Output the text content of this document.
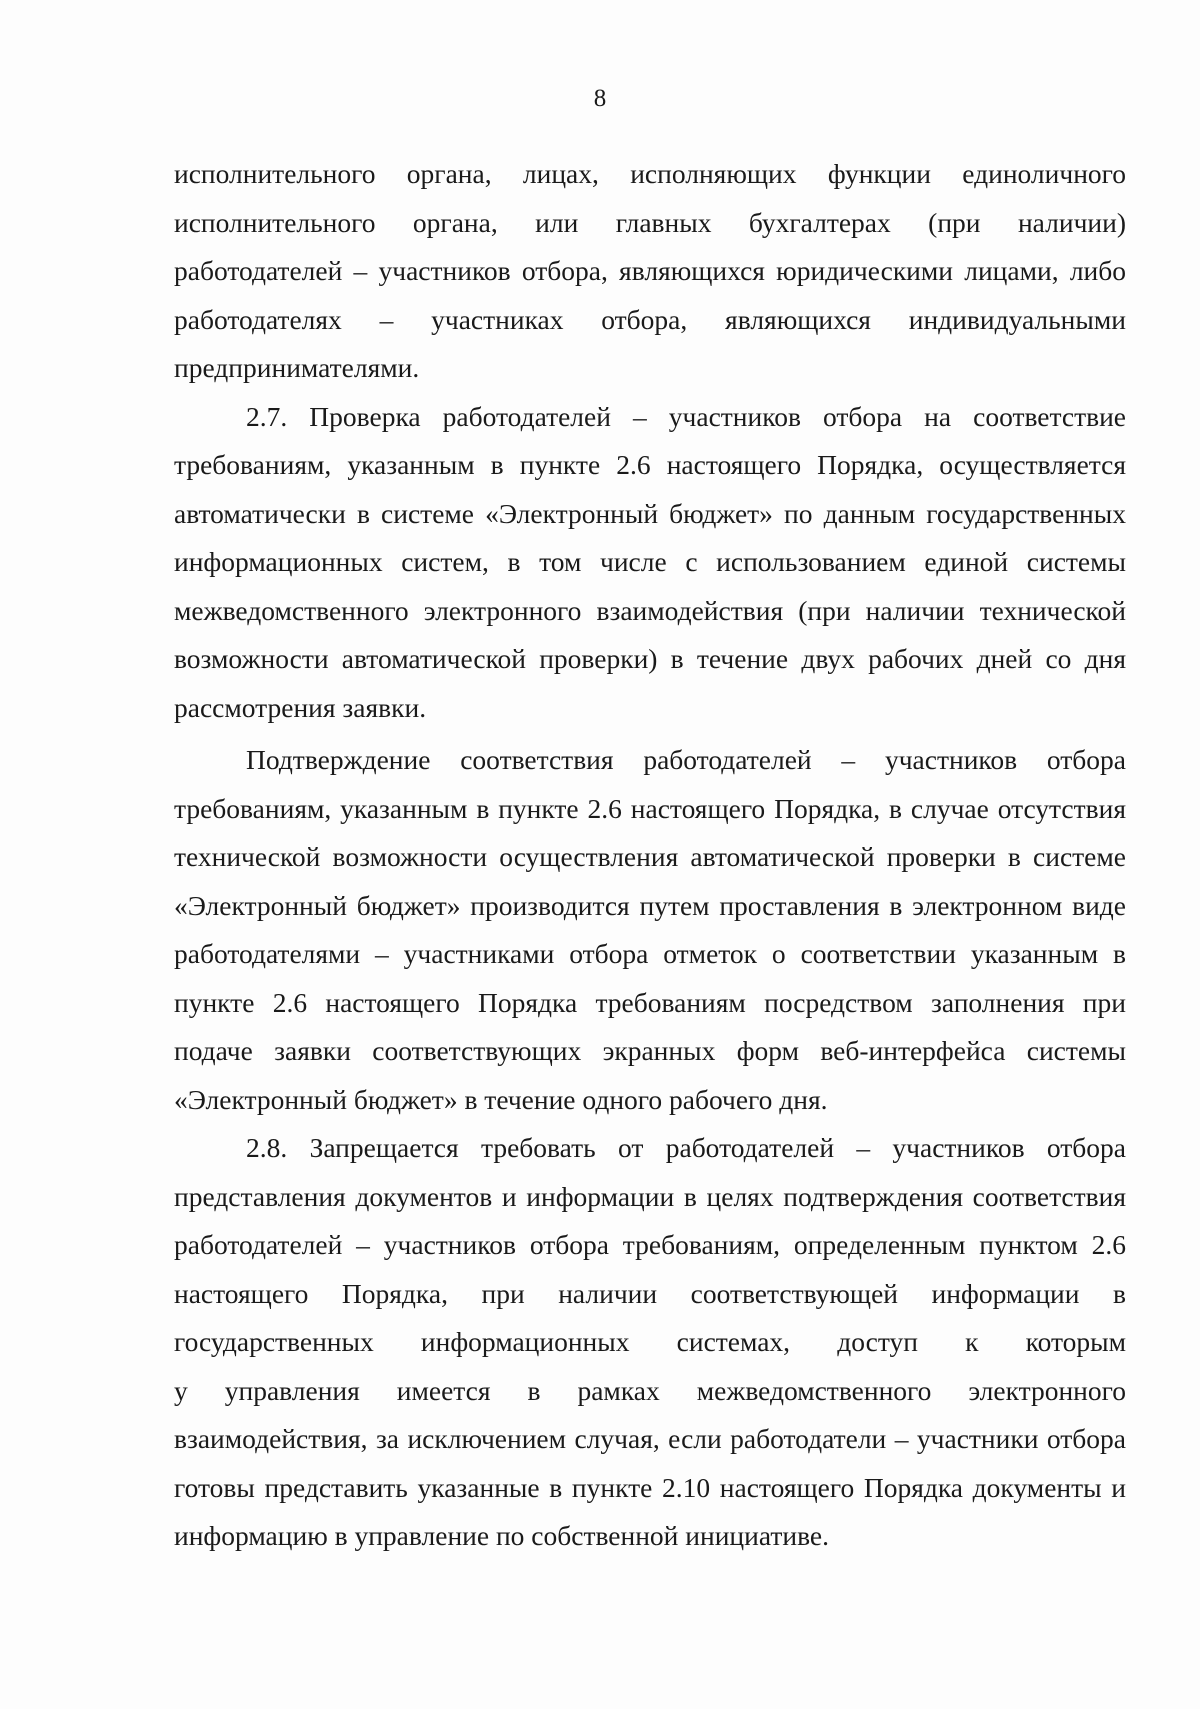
8
исполнительного органа, лицах, исполняющих функции единоличного
исполнительного органа, или главных бухгалтерах (при наличии)
работодателей – участников отбора, являющихся юридическими лицами, либо
работодателях – участниках отбора, являющихся индивидуальными
предпринимателями.
2.7. Проверка работодателей – участников отбора на соответствие
требованиям, указанным в пункте 2.6 настоящего Порядка, осуществляется
автоматически в системе «Электронный бюджет» по данным государственных
информационных систем, в том числе с использованием единой системы
межведомственного электронного взаимодействия (при наличии технической
возможности автоматической проверки) в течение двух рабочих дней со дня
рассмотрения заявки.
Подтверждение соответствия работодателей – участников отбора
требованиям, указанным в пункте 2.6 настоящего Порядка, в случае отсутствия
технической возможности осуществления автоматической проверки в системе
«Электронный бюджет» производится путем проставления в электронном виде
работодателями – участниками отбора отметок о соответствии указанным в
пункте 2.6 настоящего Порядка требованиям посредством заполнения при
подаче заявки соответствующих экранных форм веб-интерфейса системы
«Электронный бюджет» в течение одного рабочего дня.
2.8. Запрещается требовать от работодателей – участников отбора
представления документов и информации в целях подтверждения соответствия
работодателей – участников отбора требованиям, определенным пунктом 2.6
настоящего Порядка, при наличии соответствующей информации в
государственных информационных системах, доступ к которым
у управления имеется в рамках межведомственного электронного
взаимодействия, за исключением случая, если работодатели – участники отбора
готовы представить указанные в пункте 2.10 настоящего Порядка документы и
информацию в управление по собственной инициативе.
